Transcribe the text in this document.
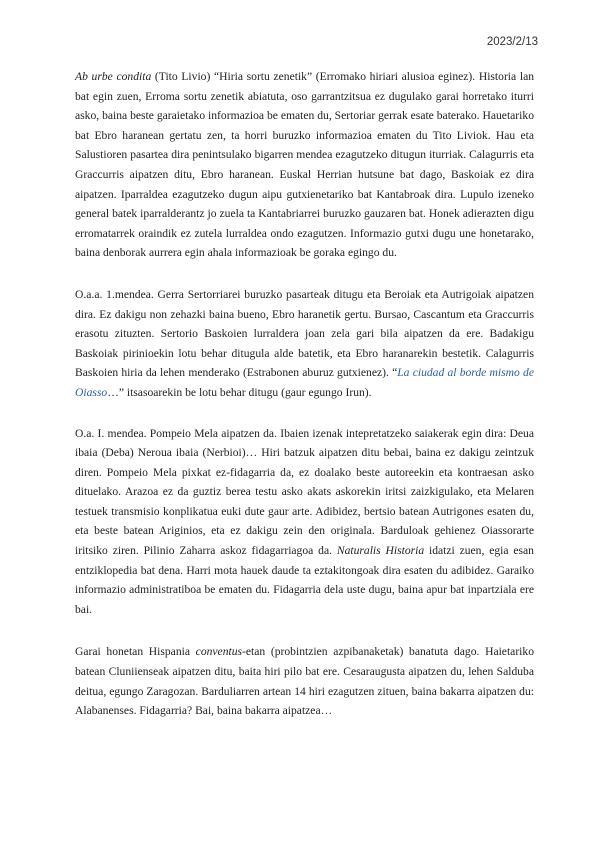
2023/2/13

Ab urbe condita (Tito Livio) “Hiria sortu zenetik” (Erromako hiriari alusioa eginez). Historia lan bat egin zuen, Erroma sortu zenetik abiatuta, oso garrantzitsua ez dugulako garai horretako iturri asko, baina beste garaietako informazioa be ematen du, Sertoriar gerrak esate baterako. Hauetariko bat Ebro haranean gertatu zen, ta horri buruzko informazioa ematen du Tito Liviok. Hau eta Salustioren pasartea dira penintsulako bigarren mendea ezagutzeko ditugun iturriak. Calagurris eta Graccurris aipatzen ditu, Ebro haranean. Euskal Herrian hutsune bat dago, Baskoiak ez dira aipatzen. Iparraldea ezagutzeko dugun aipu gutxienetariko bat Kantabroak dira. Lupulo izeneko general batek iparralderantz jo zuela ta Kantabriarrei buruzko gauzaren bat. Honek adierazten digu erromatarrek oraindik ez zutela lurraldea ondo ezagutzen. Informazio gutxi dugu une honetarako, baina denborak aurrera egin ahala informazioak be goraka egingo du.

O.a.a. 1.mendea. Gerra Sertorriarei buruzko pasarteak ditugu eta Beroiak eta Autrigoiak aipatzen dira. Ez dakigu non zehazki baina bueno, Ebro haranetik gertu. Bursao, Cascantum eta Graccurris erasotu zituzten. Sertorio Baskoien lurraldera joan zela gari bila aipatzen da ere. Badakigu Baskoiak pirinioekin lotu behar ditugula alde batetik, eta Ebro haranarekin bestetik. Calagurris Baskoien hiria da lehen menderako (Estrabonen aburuz gutxienez). “La ciudad al borde mismo de Oiasso…” itsasoarekin be lotu behar ditugu (gaur egungo Irun).

O.a. I. mendea. Pompeio Mela aipatzen da. Ibaien izenak intepretatzeko saiakerak egin dira: Deua ibaia (Deba) Neroua ibaia (Nerbioi)… Hiri batzuk aipatzen ditu bebai, baina ez dakigu zeintzuk diren. Pompeio Mela pixkat ez-fidagarria da, ez doalako beste autoreekin eta kontraesan asko dituelako. Arazoa ez da guztiz berea testu asko akats askorekin iritsi zaizkigulako, eta Melaren testuek transmisio konplikatua euki dute gaur arte. Adibidez, bertsio batean Autrigones esaten du, eta beste batean Ariginios, eta ez dakigu zein den originala. Barduloak gehienez Oiassorarte iritsiko ziren. Pilinio Zaharra askoz fidagarriagoa da. Naturalis Historia idatzi zuen, egia esan entziklopedia bat dena. Harri mota hauek daude ta eztakitongoak dira esaten du adibidez. Garaiko informazio administratiboa be ematen du. Fidagarria dela uste dugu, baina apur bat inpartziala ere bai.

Garai honetan Hispania conventus-etan (probintzien azpibanaketak) banatuta dago. Haietariko batean Cluniienseak aipatzen ditu, baita hiri pilo bat ere. Cesaraugusta aipatzen du, lehen Salduba deitua, egungo Zaragozan. Barduliarren artean 14 hiri ezagutzen zituen, baina bakarra aipatzen du: Alabanenses. Fidagarria? Bai, baina bakarra aipatzea…
